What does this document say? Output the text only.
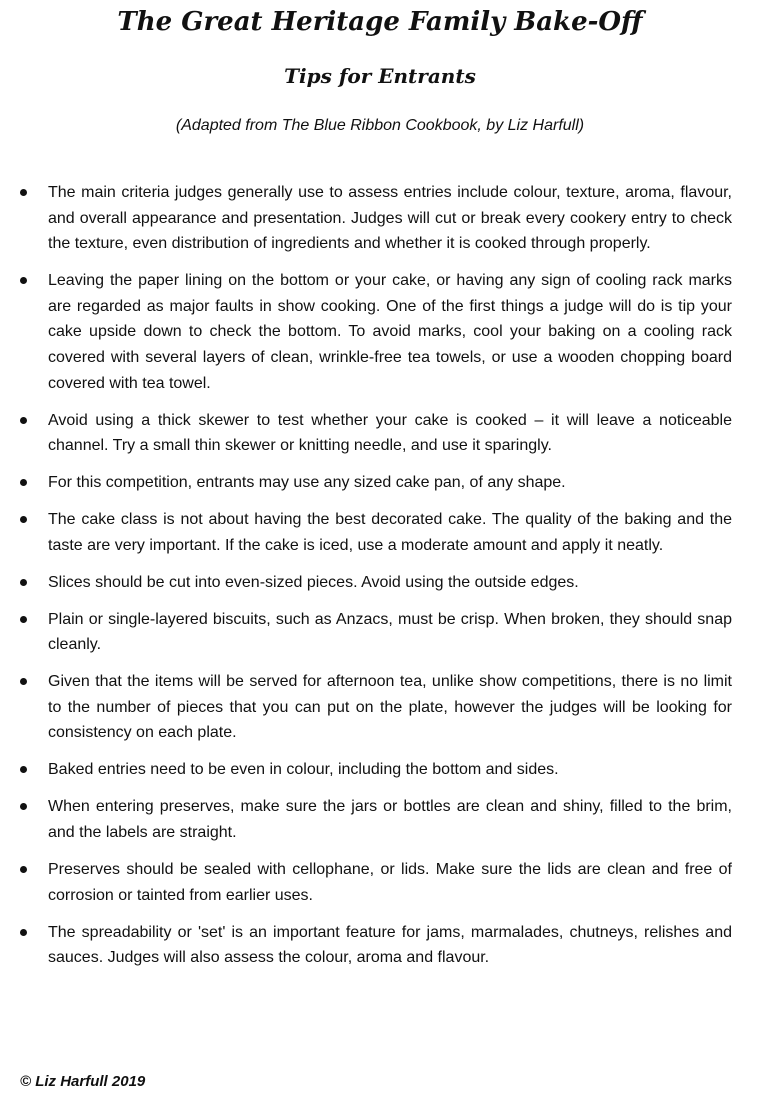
The Great Heritage Family Bake-Off
Tips for Entrants

(Adapted from The Blue Ribbon Cookbook, by Liz Harfull)

The main criteria judges generally use to assess entries include colour, texture, aroma, flavour, and overall appearance and presentation. Judges will cut or break every cookery entry to check the texture, even distribution of ingredients and whether it is cooked through properly.
Leaving the paper lining on the bottom or your cake, or having any sign of cooling rack marks are regarded as major faults in show cooking. One of the first things a judge will do is tip your cake upside down to check the bottom. To avoid marks, cool your baking on a cooling rack covered with several layers of clean, wrinkle-free tea towels, or use a wooden chopping board covered with tea towel.
Avoid using a thick skewer to test whether your cake is cooked – it will leave a noticeable channel. Try a small thin skewer or knitting needle, and use it sparingly.
For this competition, entrants may use any sized cake pan, of any shape.
The cake class is not about having the best decorated cake. The quality of the baking and the taste are very important. If the cake is iced, use a moderate amount and apply it neatly.
Slices should be cut into even-sized pieces. Avoid using the outside edges.
Plain or single-layered biscuits, such as Anzacs, must be crisp. When broken, they should snap cleanly.
Given that the items will be served for afternoon tea, unlike show competitions, there is no limit to the number of pieces that you can put on the plate, however the judges will be looking for consistency on each plate.
Baked entries need to be even in colour, including the bottom and sides.
When entering preserves, make sure the jars or bottles are clean and shiny, filled to the brim, and the labels are straight.
Preserves should be sealed with cellophane, or lids. Make sure the lids are clean and free of corrosion or tainted from earlier uses.
The spreadability or 'set' is an important feature for jams, marmalades, chutneys, relishes and sauces. Judges will also assess the colour, aroma and flavour.

© Liz Harfull 2019
